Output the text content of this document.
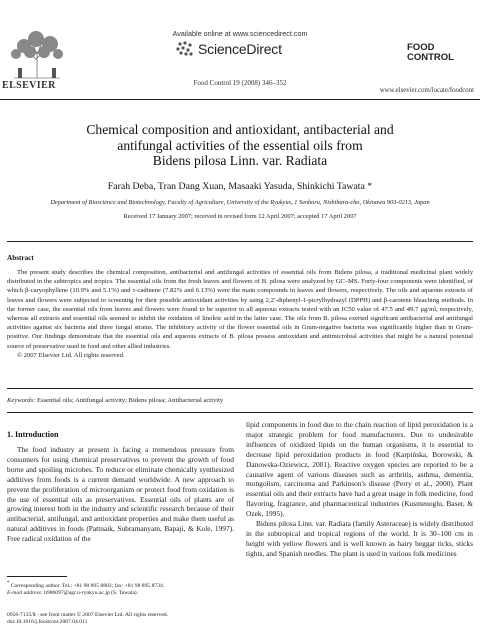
ELSEVIER
Available online at www.sciencedirect.com
ScienceDirect
Food Control 19 (2008) 346–352
FOOD
CONTROL
www.elsevier.com/locate/foodcont
Chemical composition and antioxidant, antibacterial and
antifungal activities of the essential oils from
Bidens pilosa Linn. var. Radiata
Farah Deba, Tran Dang Xuan, Masaaki Yasuda, Shinkichi Tawata *
Department of Bioscience and Biotechnology, Faculty of Agriculture, University of the Ryukyus, 1 Senbaru, Nishihara-cho, Okinawa 903-0213, Japan
Received 17 January 2007; received in revised form 12 April 2007; accepted 17 April 2007
Abstract

The present study describes the chemical composition, antibacterial and antifungal activities of essential oils from Bidens pilosa, a traditional medicinal plant widely distributed in the subtropics and tropics. The essential oils from the fresh leaves and flowers of B. pilosa were analyzed by GC–MS. Forty-four components were identified, of which β-caryophyllene (10.9% and 5.1%) and τ-cadinene (7.82% and 6.13%) were the main compounds in leaves and flowers, respectively. The oils and aqueous extracts of leaves and flowers were subjected to screening for their possible antioxidant activities by using 2,2′-diphenyl-1-picrylhydrazyl (DPPH) and β-carotene bleaching methods. In the former case, the essential oils from leaves and flowers were found to be superior to all aqueous extracts tested with an IC50 value of 47.5 and 49.7 μg/ml, respectively, whereas all extracts and essential oils seemed to inhibit the oxidation of linoleic acid in the latter case. The oils from B. pilosa exerted significant antibacterial and antifungal activities against six bacteria and three fungal strains. The inhibitory activity of the flower essential oils in Gram-negative bacteria was significantly higher than in Gram-positive. Our findings demonstrate that the essential oils and aqueous extracts of B. pilosa possess antioxidant and antimicrobial activities that might be a natural potential source of preservative used in food and other allied industries.

© 2007 Elsevier Ltd. All rights reserved.

Keywords: Essential oils; Antifungal activity; Bidens pilosa; Antibacterial activity
1. Introduction

The food industry at present is facing a tremendous pressure from consumers for using chemical preservatives to prevent the growth of food borne and spoiling microbes. To reduce or eliminate chemically synthesized additives from foods is a current demand worldwide. A new approach to prevent the proliferation of microorganism or protect food from oxidation is the use of essential oils as preservatives. Essential oils of plants are of growing interest both in the industry and scientific research because of their antibacterial, antifungal, and antioxidant properties and make them useful as natural additives in foods (Pattnaik, Subramanyam, Bapaji, & Kole, 1997). Free radical oxidation of the

lipid components in food due to the chain reaction of lipid peroxidation is a major strategic problem for food manufacturers. Due to undesirable influences of oxidized lipids on the human organisms, it is essential to decrease lipid peroxidation products in food (Karpińska, Borowski, & Danowska-Oziewicz, 2001). Reactive oxygen species are reported to be a causative agent of various diseases such as arthritis, asthma, dementia, mongolism, carcinoma and Parkinson's disease (Perry et al., 2000). Plant essential oils and their extracts have had a great usage in folk medicine, food flavoring, fragrance, and pharmaceutical industries (Kusmenoglu, Baser, & Ozek, 1995).

Bidens pilosa Linn. var. Radiata (family Asteraceae) is widely distributed in the subtropical and tropical regions of the world. It is 30–100 cm in height with yellow flowers and is well known as hairy beggar ticks, sticks tights, and Spanish needles. The plant is used in various folk medicines

* Corresponding author. Tel.: +81 98 895 8803; fax: +81 98 895 8734.
E-mail address: b986097@agr.u-ryukyu.ac.jp (S. Tawata).
0956-7135/$ - see front matter © 2007 Elsevier Ltd. All rights reserved.
doi:10.1016/j.foodcont.2007.04.011
